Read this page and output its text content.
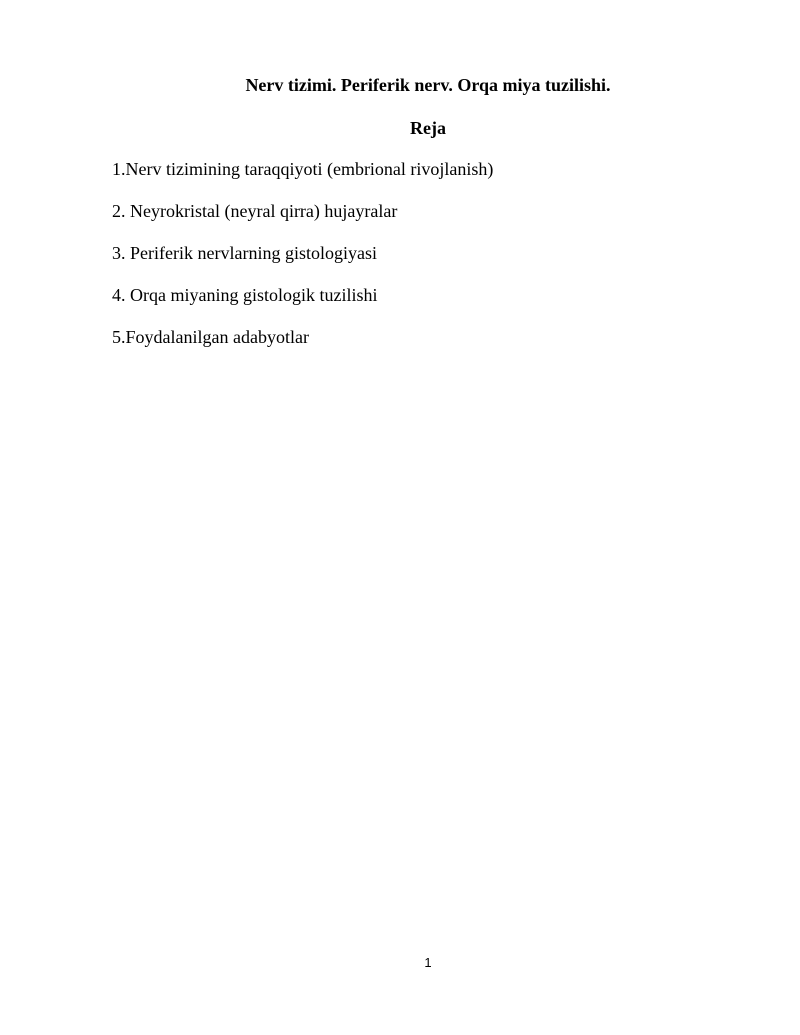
Nerv tizimi. Periferik nerv. Orqa miya tuzilishi.
Reja
1.Nerv tizimining taraqqiyoti (embrional rivojlanish)
2. Neyrokristal (neyral qirra) hujayralar
3. Periferik nervlarning gistologiyasi
4. Orqa miyaning gistologik tuzilishi
5.Foydalanilgan adabyotlar
1
